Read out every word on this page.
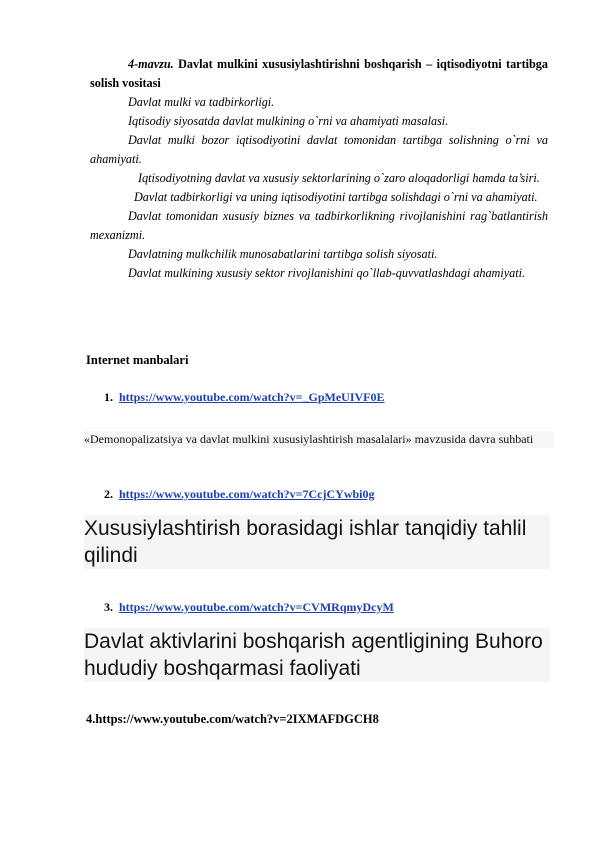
4-mavzu. Davlat mulkini xususiylashtirishni boshqarish – iqtisodiyotni tartibga solish vositasi

Davlat mulki va tadbirkorligi.

Iqtisodiy siyosatda davlat mulkining o`rni va ahamiyati masalasi.

Davlat mulki bozor iqtisodiyotini davlat tomonidan tartibga solishning o`rni va ahamiyati.

Iqtisodiyotning davlat va xususiy sektorlarining o`zaro aloqadorligi hamda ta’siri.

Davlat tadbirkorligi va uning iqtisodiyotini tartibga solishdagi o`rni va ahamiyati.

Davlat tomonidan xususiy biznes va tadbirkorlikning rivojlanishini rag`batlantirish mexanizmi.

Davlatning mulkchilik munosabatlarini tartibga solish siyosati.

Davlat mulkining xususiy sektor rivojlanishini qo`llab-quvvatlashdagi ahamiyati.

Internet manbalari
1. https://www.youtube.com/watch?v=_GpMeUIVF0E
«Demonopalizatsiya va davlat mulkini xususiylashtirish masalalari» mavzusida davra suhbati
2. https://www.youtube.com/watch?v=7CcjCYwbi0g
Xususiylashtirish borasidagi ishlar tanqidiy tahlil qilindi
3. https://www.youtube.com/watch?v=CVMRqmyDcyM
Davlat aktivlarini boshqarish agentligining Buhoro hududiy boshqarmasi faoliyati
4.https://www.youtube.com/watch?v=2IXMAFDGCH8
